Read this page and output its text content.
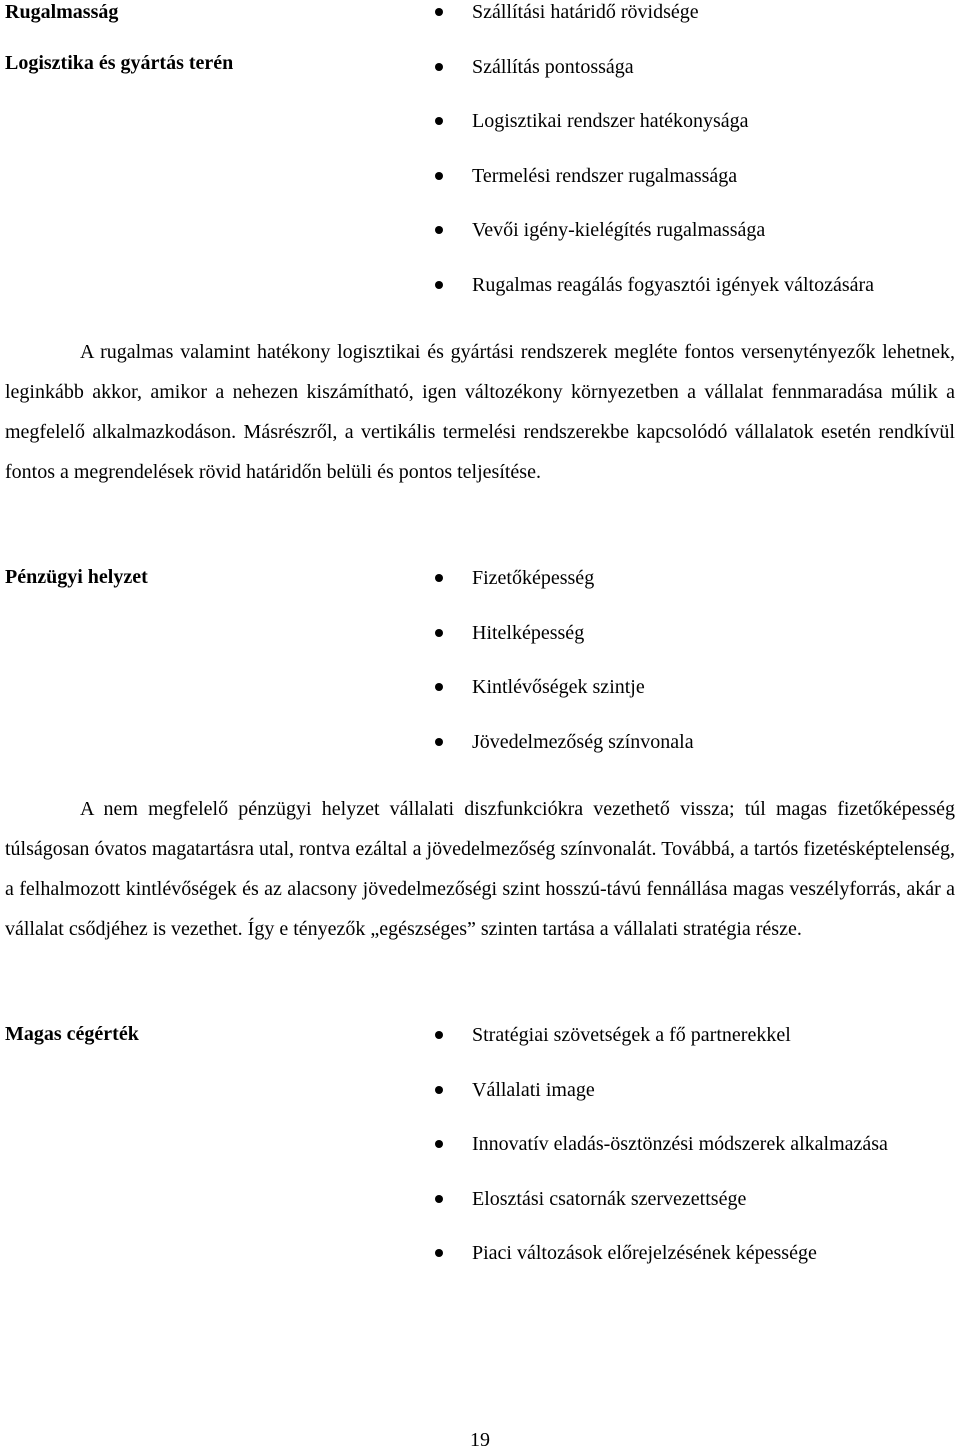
Rugalmasság
Logisztika és gyártás terén
Szállítási határidő rövidsége
Szállítás pontossága
Logisztikai rendszer hatékonysága
Termelési rendszer rugalmassága
Vevői igény-kielégítés rugalmassága
Rugalmas reagálás fogyasztói igények változására

A rugalmas valamint hatékony logisztikai és gyártási rendszerek megléte fontos versenytényezők lehetnek, leginkább akkor, amikor a nehezen kiszámítható, igen változékony környezetben a vállalat fennmaradása múlik a megfelelő alkalmazkodáson. Másrészről, a vertikális termelési rendszerekbe kapcsolódó vállalatok esetén rendkívül fontos a megrendelések rövid határidőn belüli és pontos teljesítése.

Pénzügyi helyzet	Fizetőképesség
Hitelképesség
Kintlévőségek szintje
Jövedelmezőség színvonala

A nem megfelelő pénzügyi helyzet vállalati diszfunkciókra vezethető vissza; túl magas fizetőképesség túlságosan óvatos magatartásra utal, rontva ezáltal a jövedelmezőség színvonalát. Továbbá, a tartós fizetésképtelenség, a felhalmozott kintlévőségek és az alacsony jövedelmezőségi szint hosszú-távú fennállása magas veszélyforrás, akár a vállalat csődjéhez is vezethet. Így e tényezők „egészséges” szinten tartása a vállalati stratégia része.

Magas cégérték	Stratégiai szövetségek a fő partnerekkel
Vállalati image
Innovatív eladás-ösztönzési módszerek alkalmazása
Elosztási csatornák szervezettsége
Piaci változások előrejelzésének képessége
19
